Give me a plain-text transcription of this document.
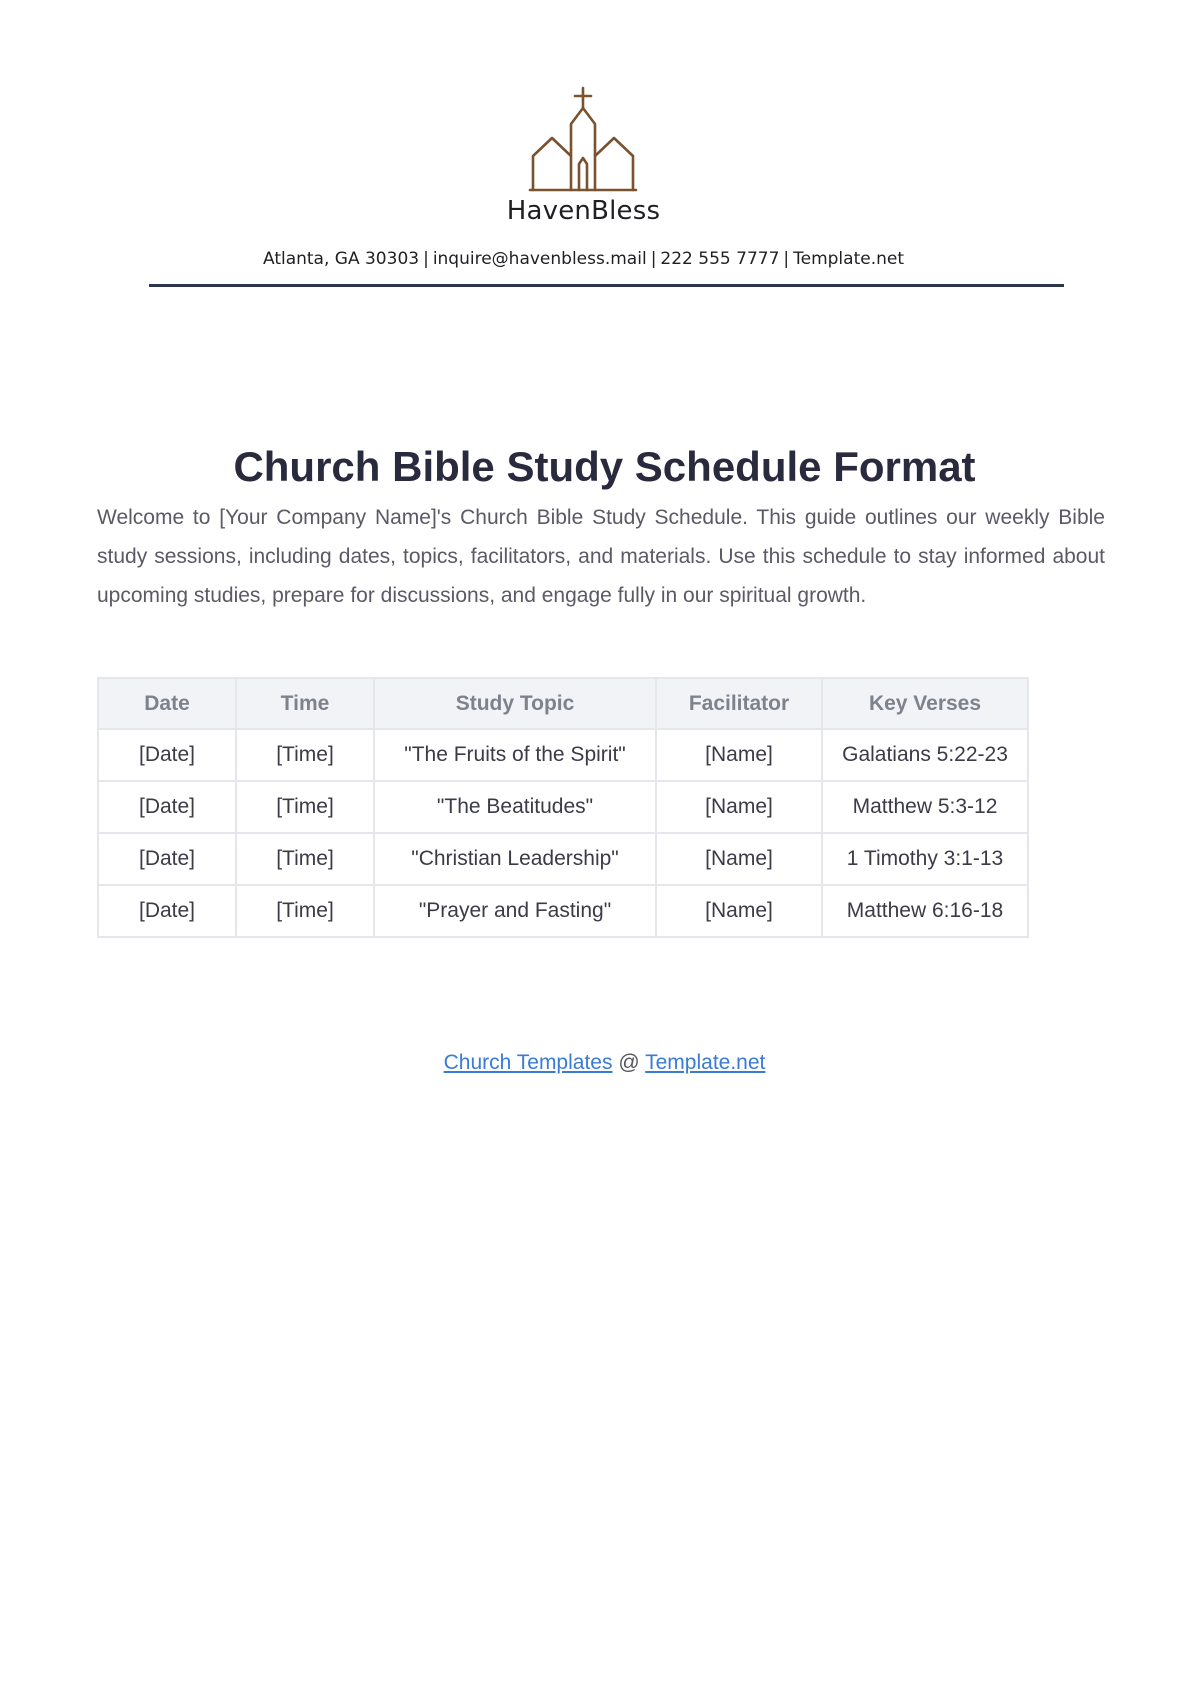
HavenBless
Atlanta, GA 30303 | inquire@havenbless.mail | 222 555 7777 | Template.net
Church Bible Study Schedule Format

Welcome to [Your Company Name]'s Church Bible Study Schedule. This guide outlines our weekly Bible study sessions, including dates, topics, facilitators, and materials. Use this schedule to stay informed about upcoming studies, prepare for discussions, and engage fully in our spiritual growth.

Date	Time	Study Topic	Facilitator	Key Verses
[Date]	[Time]	"The Fruits of the Spirit"	[Name]	Galatians 5:22-23
[Date]	[Time]	"The Beatitudes"	[Name]	Matthew 5:3-12
[Date]	[Time]	"Christian Leadership"	[Name]	1 Timothy 3:1-13
[Date]	[Time]	"Prayer and Fasting"	[Name]	Matthew 6:16-18
Church Templates @ Template.net
